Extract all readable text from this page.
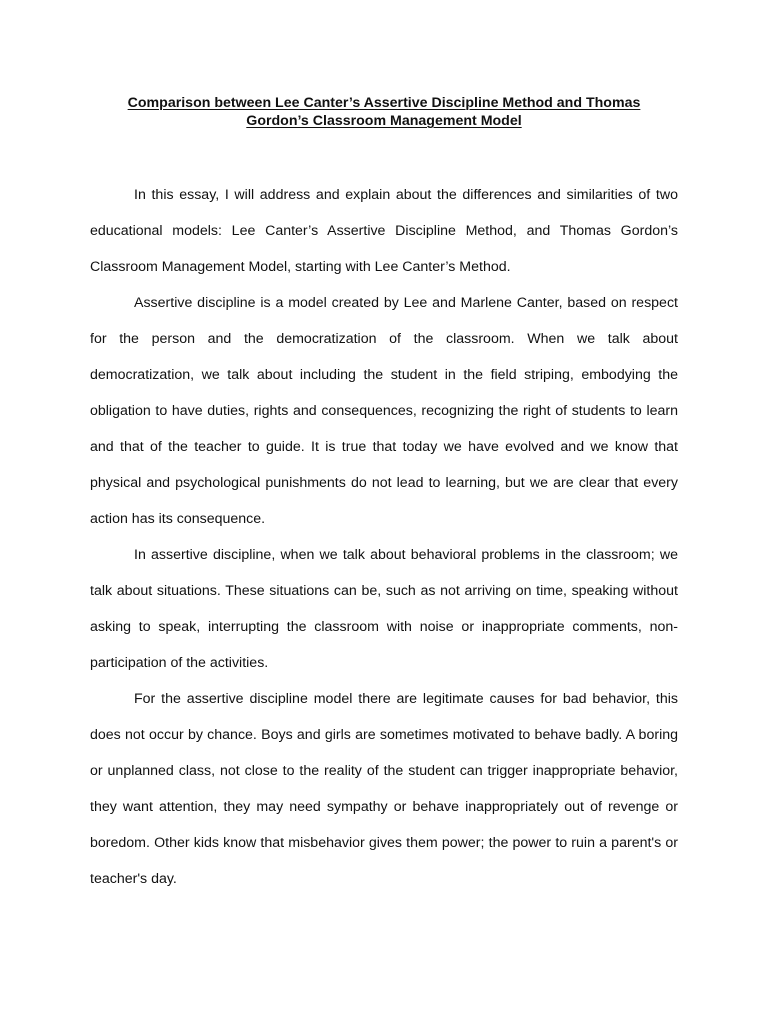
Comparison between Lee Canter’s Assertive Discipline Method and Thomas
Gordon’s Classroom Management Model

In this essay, I will address and explain about the differences and similarities of two educational models: Lee Canter’s Assertive Discipline Method, and Thomas Gordon’s Classroom Management Model, starting with Lee Canter’s Method.

Assertive discipline is a model created by Lee and Marlene Canter, based on respect for the person and the democratization of the classroom. When we talk about democratization, we talk about including the student in the field striping, embodying the obligation to have duties, rights and consequences, recognizing the right of students to learn and that of the teacher to guide. It is true that today we have evolved and we know that physical and psychological punishments do not lead to learning, but we are clear that every action has its consequence.

In assertive discipline, when we talk about behavioral problems in the classroom; we talk about situations. These situations can be, such as not arriving on time, speaking without asking to speak, interrupting the classroom with noise or inappropriate comments, non-participation of the activities.

For the assertive discipline model there are legitimate causes for bad behavior, this does not occur by chance. Boys and girls are sometimes motivated to behave badly. A boring or unplanned class, not close to the reality of the student can trigger inappropriate behavior, they want attention, they may need sympathy or behave inappropriately out of revenge or boredom. Other kids know that misbehavior gives them power; the power to ruin a parent's or teacher's day.
